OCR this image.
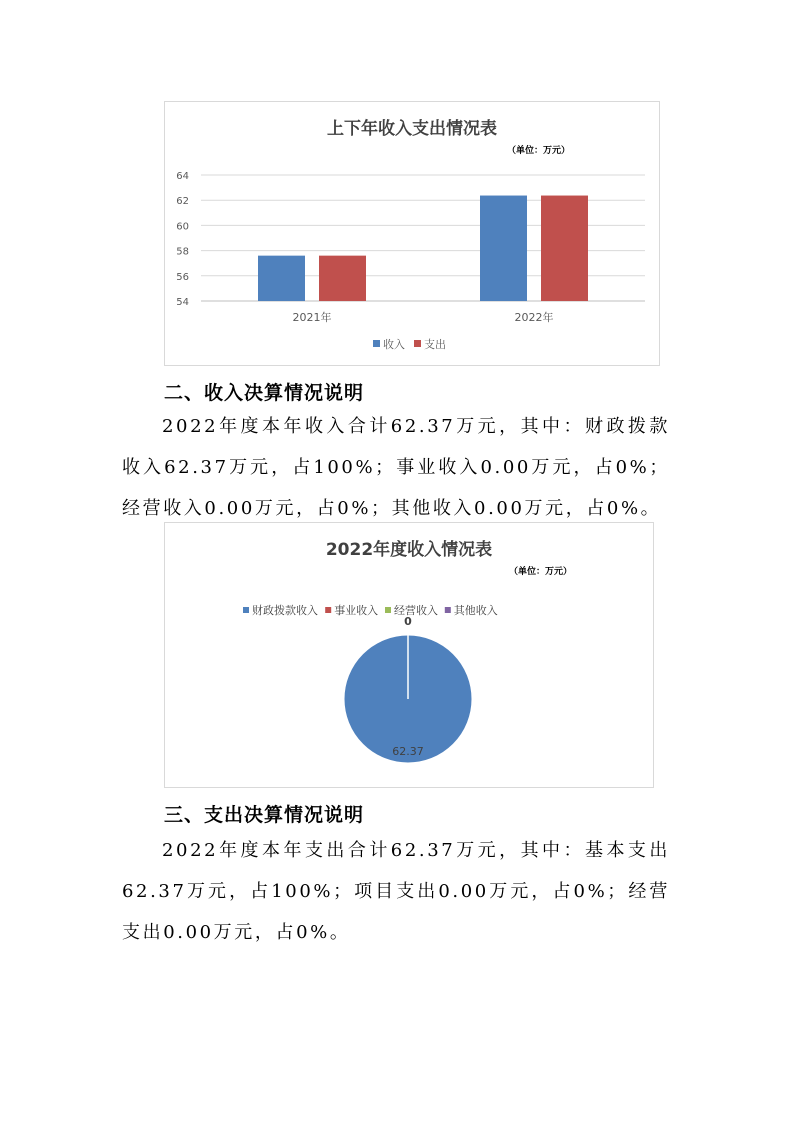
上下年收入支出情况表
（单位：万元）
54
56
58
60
62
64
2021年	2022年
收入 支出
二、收入决算情况说明

2022年度本年收入合计62.37万元，其中：财政拨款收入62.37万元，占100%；事业收入0.00万元，占0%；经营收入0.00万元，占0%；其他收入0.00万元，占0%。

2022年度收入情况表
（单位：万元）
财政拨款收入 事业收入 经营收入 其他收入
0
62.37
三、支出决算情况说明

2022年度本年支出合计62.37万元，其中：基本支出62.37万元，占100%；项目支出0.00万元，占0%；经营支出0.00万元，占0%。
